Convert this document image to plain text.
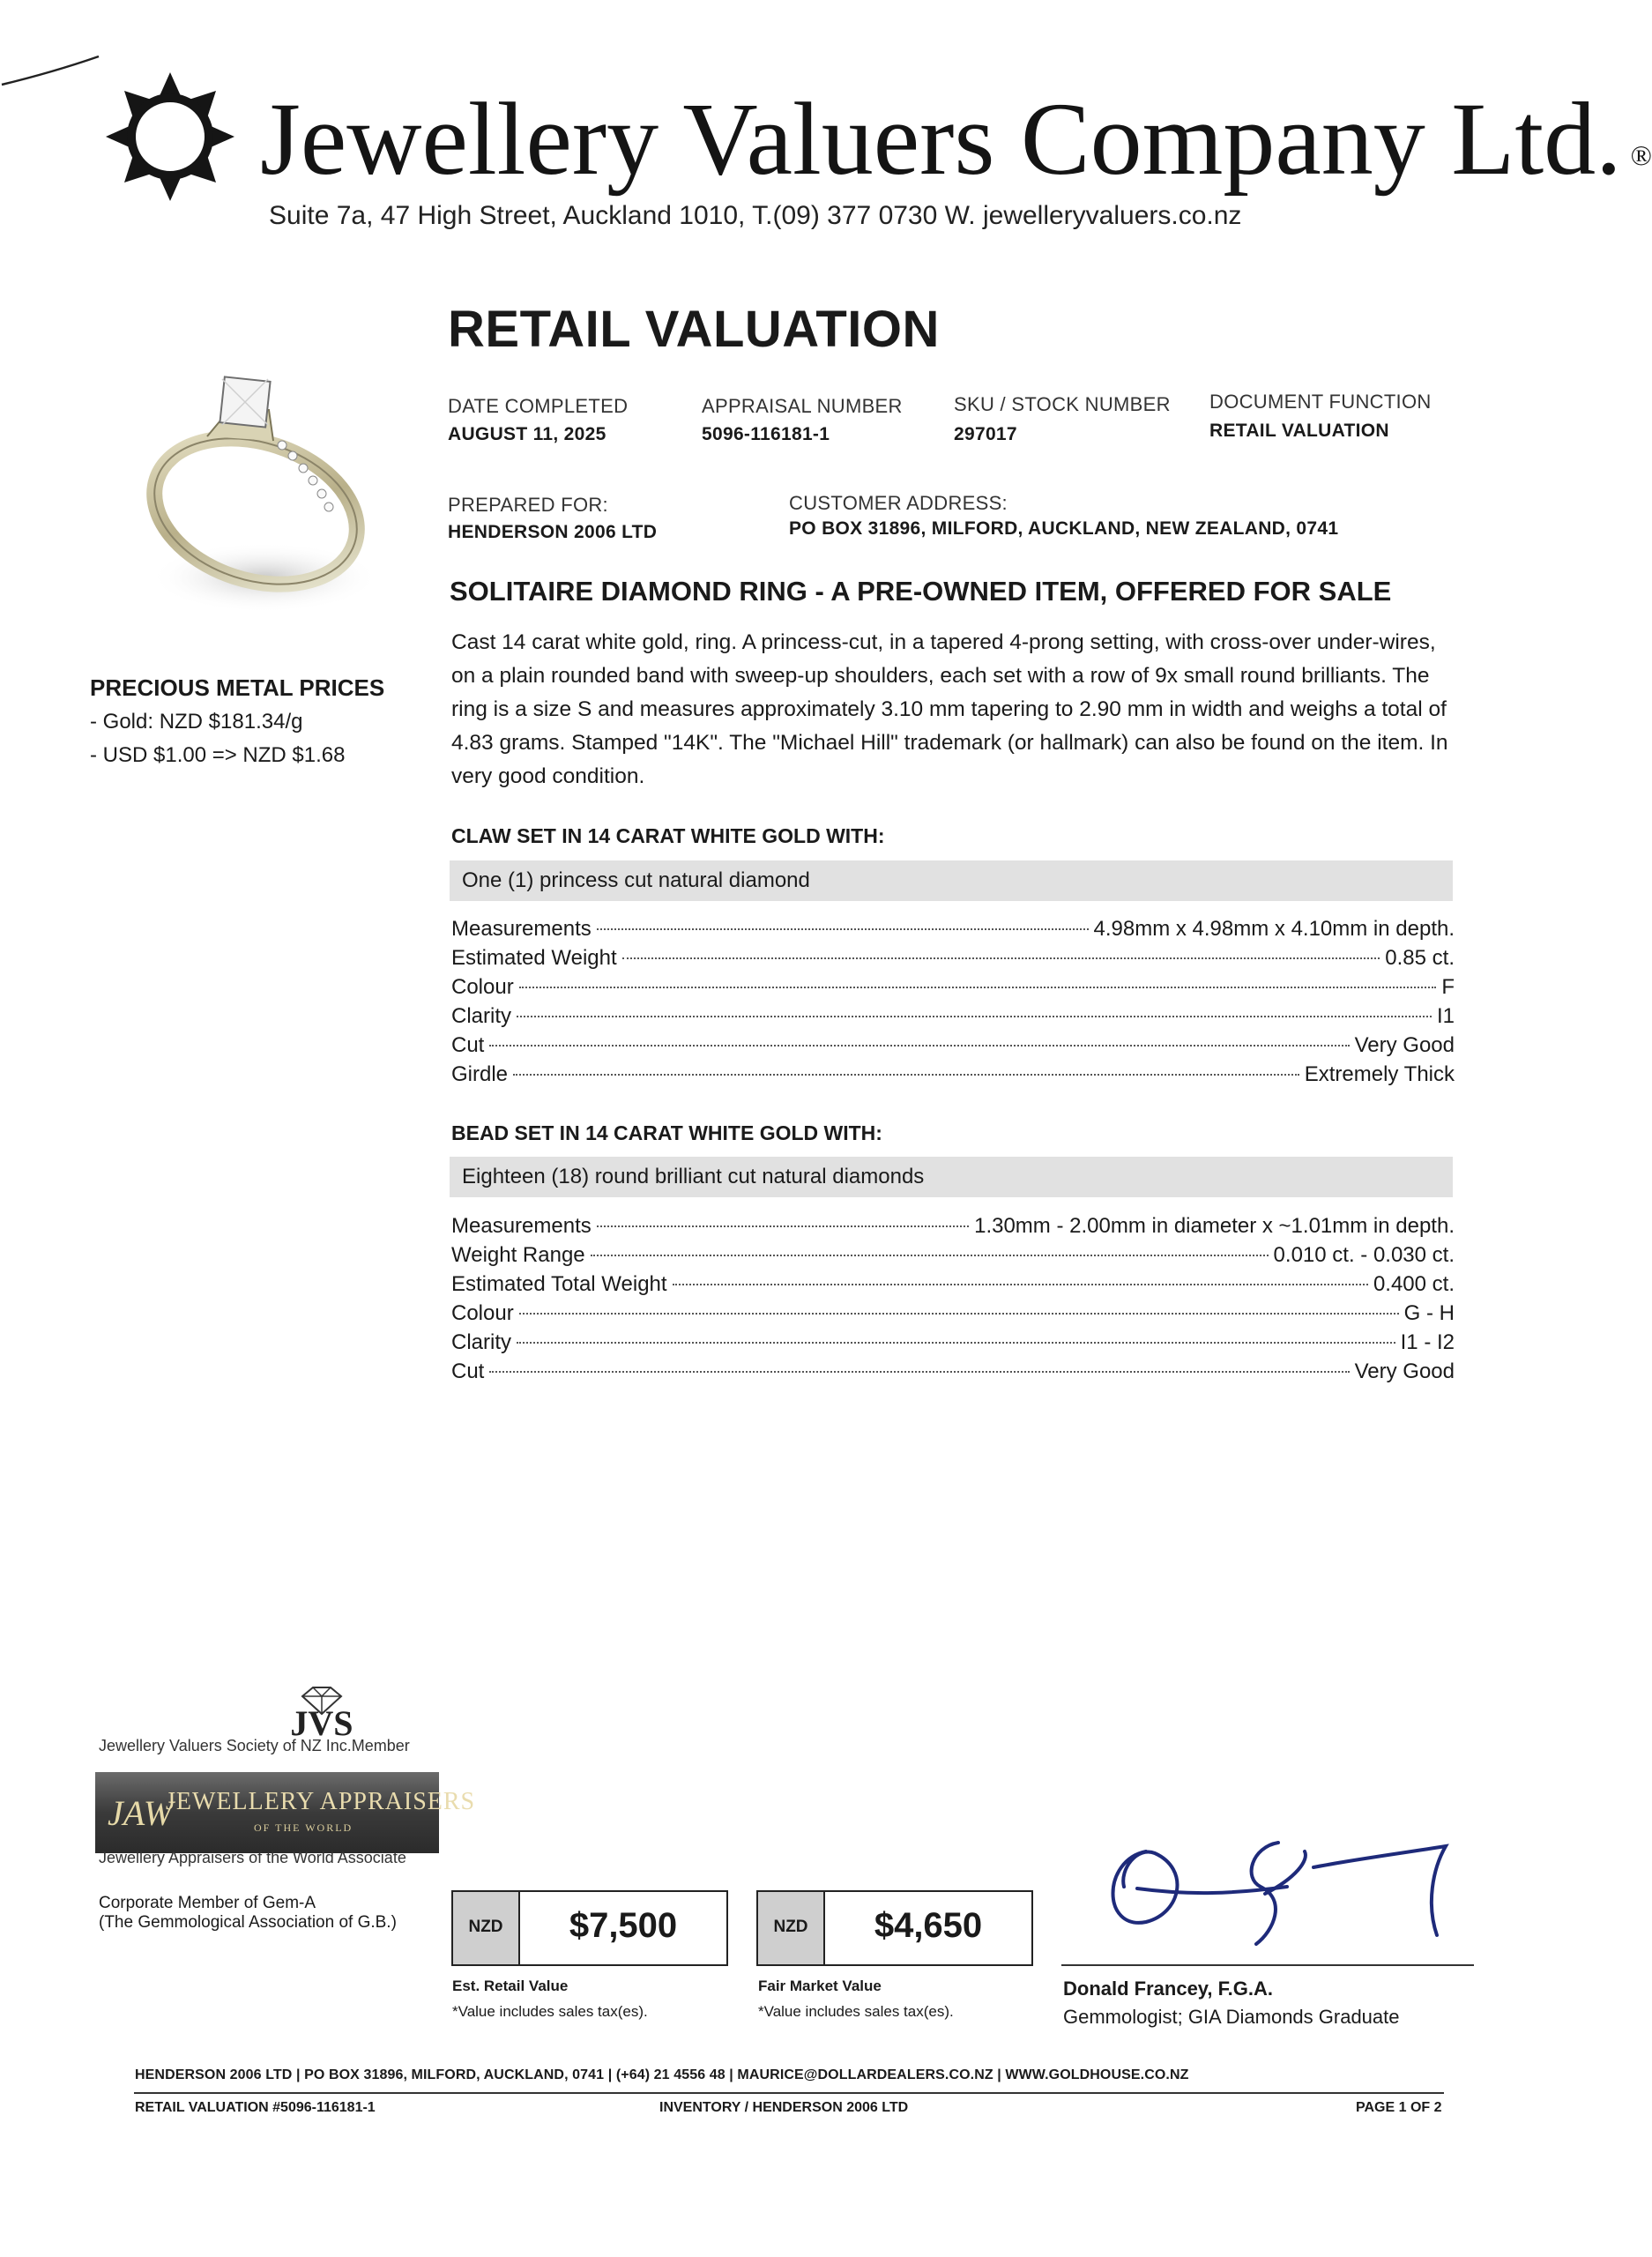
Jewellery Valuers Company Ltd. ®
Suite 7a, 47 High Street, Auckland 1010, T.(09) 377 0730 W. jewelleryvaluers.co.nz
RETAIL VALUATION
DATE COMPLETED
AUGUST 11, 2025
APPRAISAL NUMBER
5096-116181-1
SKU / STOCK NUMBER
297017
DOCUMENT FUNCTION
RETAIL VALUATION
PREPARED FOR:
HENDERSON 2006 LTD
CUSTOMER ADDRESS:
PO BOX 31896, MILFORD, AUCKLAND, NEW ZEALAND, 0741
PRECIOUS METAL PRICES
- Gold: NZD $181.34/g
- USD $1.00 => NZD $1.68
SOLITAIRE DIAMOND RING - A PRE-OWNED ITEM, OFFERED FOR SALE
Cast 14 carat white gold, ring. A princess-cut, in a tapered 4-prong setting, with cross-over under-wires, on a plain rounded band with sweep-up shoulders, each set with a row of 9x small round brilliants. The ring is a size S and measures approximately 3.10 mm tapering to 2.90 mm in width and weighs a total of 4.83 grams. Stamped "14K". The "Michael Hill" trademark (or hallmark) can also be found on the item. In very good condition.
CLAW SET IN 14 CARAT WHITE GOLD WITH:
One (1) princess cut natural diamond
Measurements	4.98mm x 4.98mm x 4.10mm in depth.
Estimated Weight	0.85 ct.
Colour	F
Clarity	I1
Cut	Very Good
Girdle	Extremely Thick
BEAD SET IN 14 CARAT WHITE GOLD WITH:
Eighteen (18) round brilliant cut natural diamonds
Measurements	1.30mm - 2.00mm in diameter x ~1.01mm in depth.
Weight Range	0.010 ct. - 0.030 ct.
Estimated Total Weight	0.400 ct.
Colour	G - H
Clarity	I1 - I2
Cut	Very Good
JVS
Jewellery Valuers Society of NZ Inc.Member
JAW
JEWELLERY APPRAISERS
OF THE WORLD
Jewellery Appraisers of the World Associate
Corporate Member of Gem-A
(The Gemmological Association of G.B.)	NZD	$7,500
Est. Retail Value
*Value includes sales tax(es).
NZD	$4,650
Fair Market Value
*Value includes sales tax(es).
Donald Francey, F.G.A.
Gemmologist; GIA Diamonds Graduate
HENDERSON 2006 LTD | PO BOX 31896, MILFORD, AUCKLAND, 0741 | (+64) 21 4556 48 | MAURICE@DOLLARDEALERS.CO.NZ | WWW.GOLDHOUSE.CO.NZ
RETAIL VALUATION #5096-116181-1	INVENTORY / HENDERSON 2006 LTD	PAGE 1 OF 2
